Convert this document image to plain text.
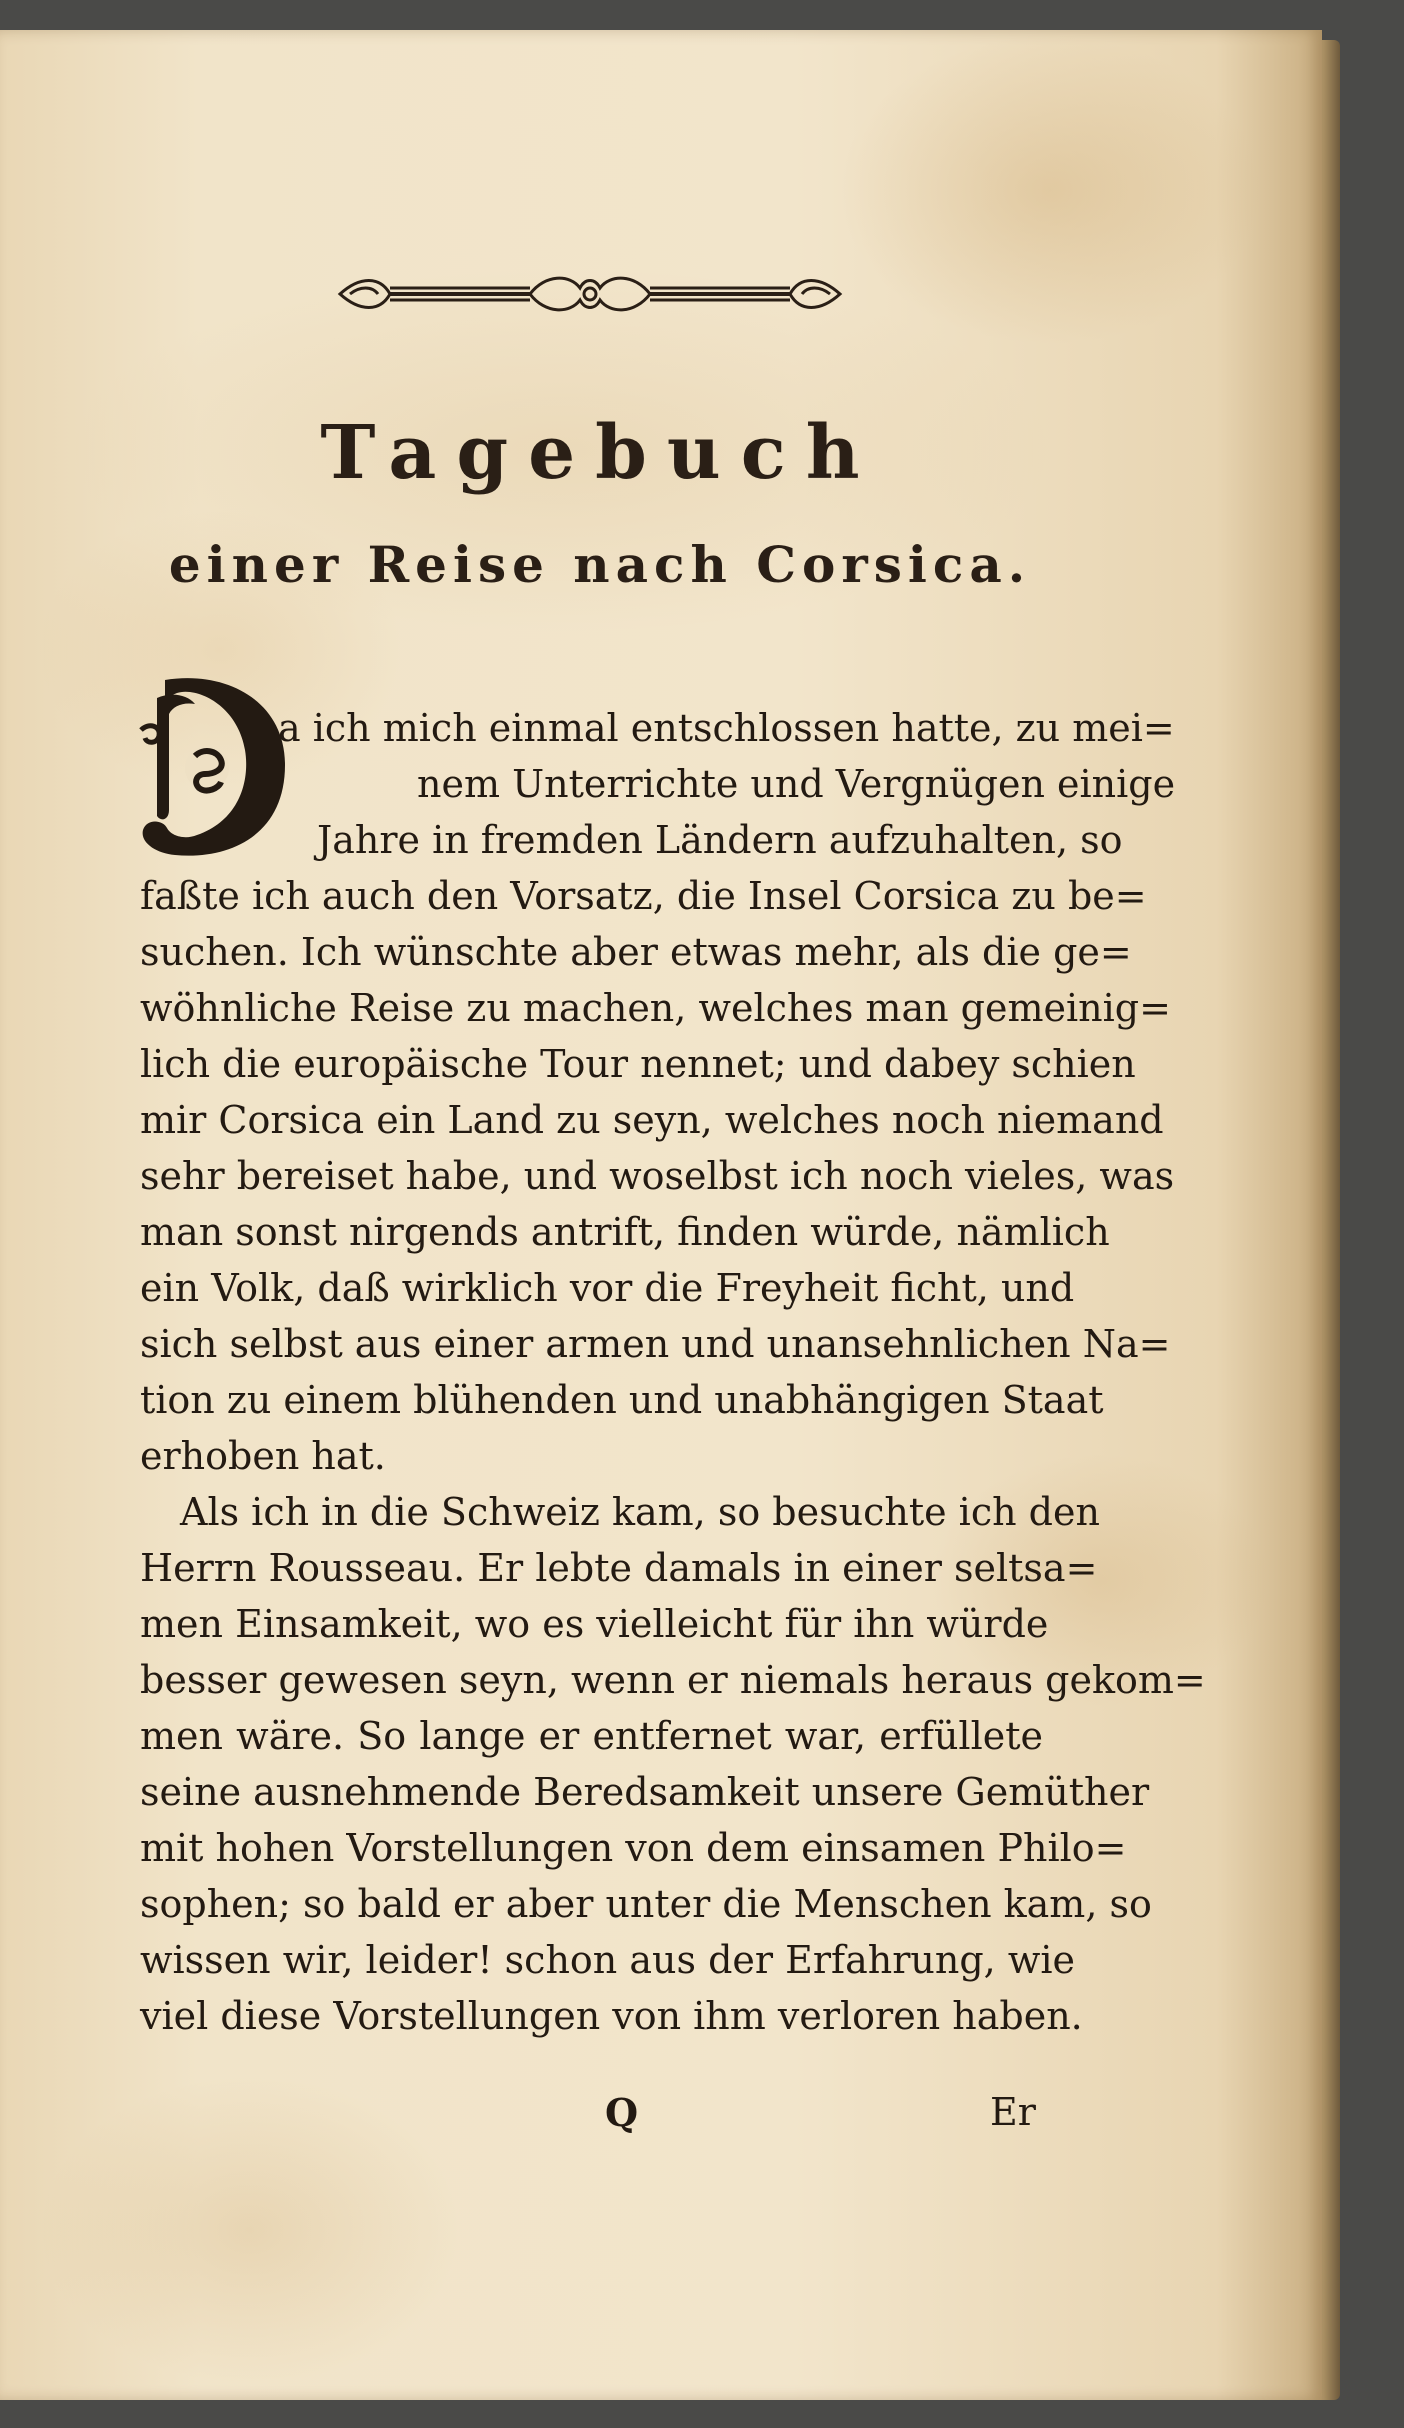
Tagebuch
einer Reise nach Corsica.
a ich mich einmal entschlossen hatte, zu mei=
nem Unterrichte und Vergnügen einige
Jahre in fremden Ländern aufzuhalten, so
faßte ich auch den Vorsatz, die Insel Corsica zu be=
suchen. Ich wünschte aber etwas mehr, als die ge=
wöhnliche Reise zu machen, welches man gemeinig=
lich die europäische Tour nennet; und dabey schien
mir Corsica ein Land zu seyn, welches noch niemand
sehr bereiset habe, und woselbst ich noch vieles, was
man sonst nirgends antrift, finden würde, nämlich
ein Volk, daß wirklich vor die Freyheit ficht, und
sich selbst aus einer armen und unansehnlichen Na=
tion zu einem blühenden und unabhängigen Staat
erhoben hat.
Als ich in die Schweiz kam, so besuchte ich den
Herrn Rousseau. Er lebte damals in einer seltsa=
men Einsamkeit, wo es vielleicht für ihn würde
besser gewesen seyn, wenn er niemals heraus gekom=
men wäre. So lange er entfernet war, erfüllete
seine ausnehmende Beredsamkeit unsere Gemüther
mit hohen Vorstellungen von dem einsamen Philo=
sophen; so bald er aber unter die Menschen kam, so
wissen wir, leider! schon aus der Erfahrung, wie
viel diese Vorstellungen von ihm verloren haben.
Q	Er
